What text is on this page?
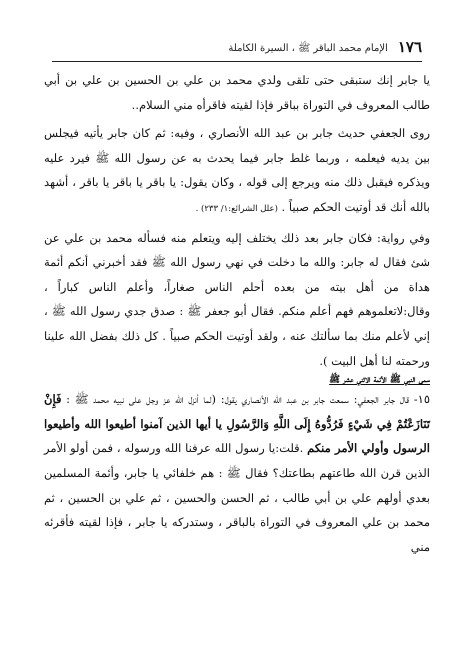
١٧٦
الإمام محمد الباقر ﷺ ، السيرة الكاملة

يا جابر إنك ستبقى حتى تلقى ولدي محمد بن علي بن الحسين بن علي بن أبي طالب المعروف في التوراة بباقر فإذا لقيته فاقرأه مني السلام..

روى الجعفي حديث جابر بن عبد الله الأنصاري ، وفيه: ثم كان جابر يأتيه فيجلس بين يديه فيعلمه ، وربما غلط جابر فيما يحدث به عن رسول الله ﷺ فيرد عليه ويذكره فيقبل ذلك منه ويرجع إلى قوله ، وكان يقول: يا باقر يا باقر يا باقر ، أشهد بالله أنك قد أوتيت الحكم صبياً . (علل الشرائع:١/ ٢٣٣) .

وفي رواية: فكان جابر بعد ذلك يختلف إليه ويتعلم منه فسأله محمد بن علي عن شئ فقال له جابر: والله ما دخلت في نهي رسول الله ﷺ فقد أخبرني أنكم أئمة هداة من أهل بيته من بعده أحلم الناس صغاراً، وأعلم الناس كباراً ، وقال:لاتعلموهم فهم أعلم منكم. فقال أبو جعفر ﷺ : صدق جدي رسول الله ﷺ ، إني لأعلم منك بما سألتك عنه ، ولقد أوتيت الحكم صبياً . كل ذلك بفضل الله علينا ورحمته لنا أهل البيت ).

سمى النبي ﷺ الأئمة الاثني عشر ﷺ

١٥- قال جابر الجعفي: سمعت جابر بن عبد الله الأنصاري يقول: (لما أنزل الله عز وجل على نبيه محمد ﷺ : فَإِنْ تَنَازَعْتُمْ فِي شَيْءٍ فَرُدُّوهُ إِلَى اللَّهِ وَالرَّسُولِ يا أيها الذين آمنوا أطيعوا الله وأطيعوا الرسول وأولي الأمر منكم .قلت:يا رسول الله عرفنا الله ورسوله ، فمن أولو الأمر الذين قرن الله طاعتهم بطاعتك؟ فقال ﷺ : هم خلفائي يا جابر، وأئمة المسلمين بعدي أولهم علي بن أبي طالب ، ثم الحسن والحسين ، ثم علي بن الحسين ، ثم محمد بن علي المعروف في التوراة بالباقر ، وستدركه يا جابر ، فإذا لقيته فأقرئه مني
